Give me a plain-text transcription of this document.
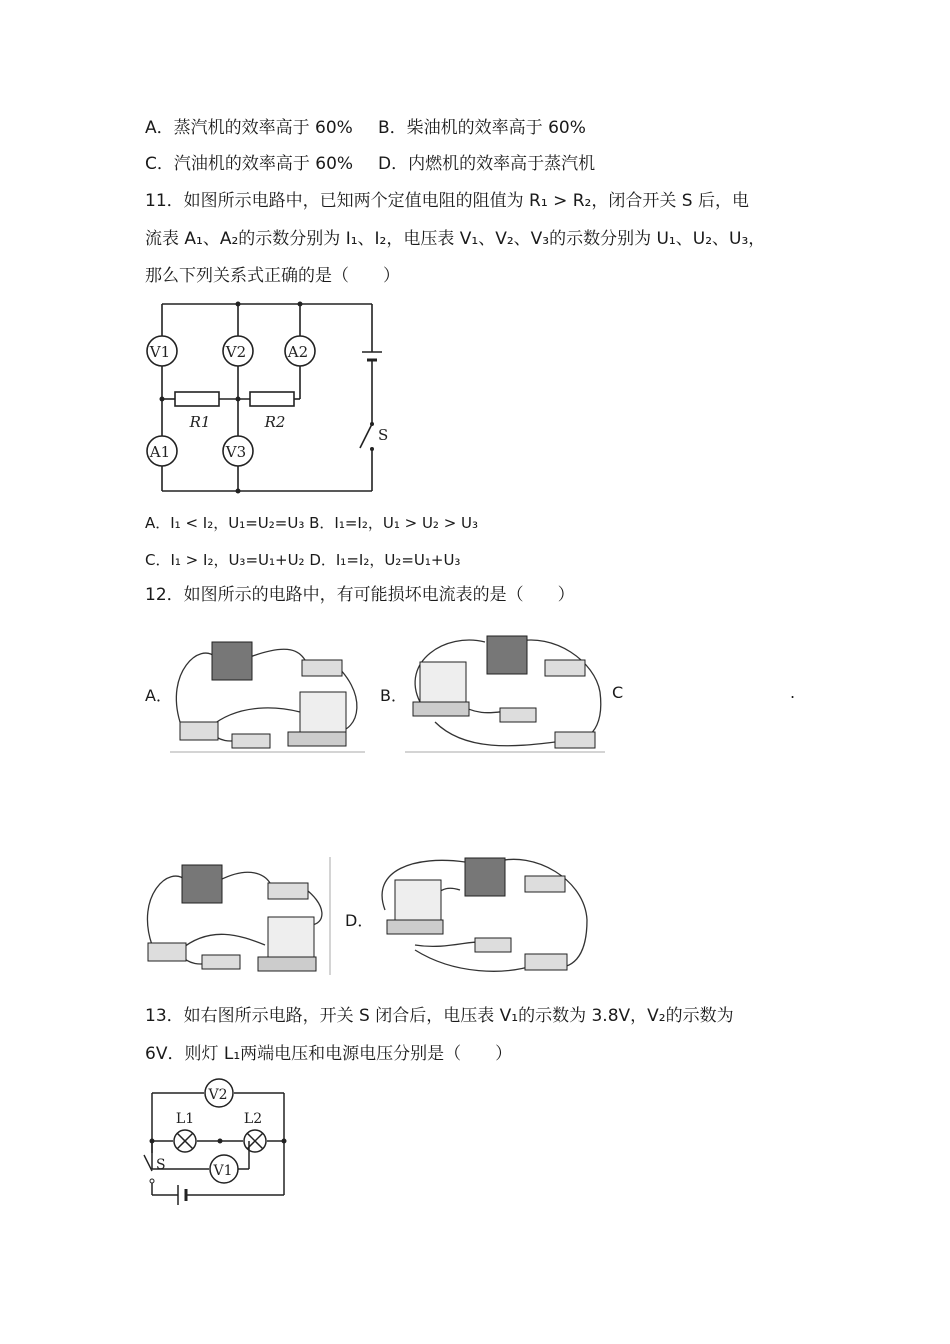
A．蒸汽机的效率高于 60% B．柴油机的效率高于 60%
C．汽油机的效率高于 60% D．内燃机的效率高于蒸汽机
11．如图所示电路中，已知两个定值电阻的阻值为 R₁ > R₂，闭合开关 S 后，电
流表 A₁、A₂的示数分别为 I₁、I₂，电压表 V₁、V₂、V₃的示数分别为 U₁、U₂、U₃，
那么下列关系式正确的是（　　）
V1	V2	A2
A1	V3
R1	R2
S
A．I₁ < I₂，U₁=U₂=U₃ B．I₁=I₂，U₁ > U₂ > U₃
C．I₁ > I₂，U₃=U₁+U₂ D．I₁=I₂，U₂=U₁+U₃
12．如图所示的电路中，有可能损坏电流表的是（　　）
A．	B．	C	.
D．
13．如右图所示电路，开关 S 闭合后，电压表 V₁的示数为 3.8V，V₂的示数为
6V．则灯 L₁两端电压和电源电压分别是（　　）
V2
V1
L1	L2
S
